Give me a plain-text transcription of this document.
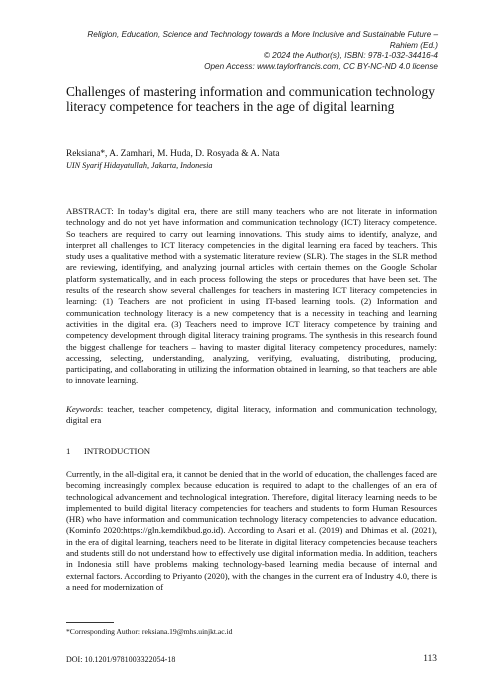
Religion, Education, Science and Technology towards a More Inclusive and Sustainable Future –
Rahiem (Ed.)
© 2024 the Author(s), ISBN: 978-1-032-34416-4
Open Access: www.taylorfrancis.com, CC BY-NC-ND 4.0 license
Challenges of mastering information and communication technology literacy competence for teachers in the age of digital learning
Reksiana*, A. Zamhari, M. Huda, D. Rosyada & A. Nata
UIN Syarif Hidayatullah, Jakarta, Indonesia

ABSTRACT: In today’s digital era, there are still many teachers who are not literate in information technology and do not yet have information and communication technology (ICT) literacy competence. So teachers are required to carry out learning innovations. This study aims to identify, analyze, and interpret all challenges to ICT literacy competencies in the digital learning era faced by teachers. This study uses a qualitative method with a systematic literature review (SLR). The stages in the SLR method are reviewing, identifying, and analyzing journal articles with certain themes on the Google Scholar platform systematically, and in each process following the steps or procedures that have been set. The results of the research show several challenges for teachers in mastering ICT literacy competencies in learning: (1) Teachers are not proficient in using IT-based learning tools. (2) Information and communication technology literacy is a new competency that is a necessity in teaching and learning activities in the digital era. (3) Teachers need to improve ICT literacy competence by training and competency development through digital literacy training programs. The synthesis in this research found the biggest challenge for teachers – having to master digital literacy competency procedures, namely: accessing, selecting, understanding, analyzing, verifying, evaluating, distributing, producing, participating, and collaborating in utilizing the information obtained in learning, so that teachers are able to innovate learning.

Keywords: teacher, teacher competency, digital literacy, information and communication technology, digital era

1 INTRODUCTION

Currently, in the all-digital era, it cannot be denied that in the world of education, the challenges faced are becoming increasingly complex because education is required to adapt to the challenges of an era of technological advancement and technological integration. Therefore, digital literacy learning needs to be implemented to build digital literacy competencies for teachers and students to form Human Resources (HR) who have information and communication technology literacy competencies to advance education. (Kominfo 2020:https://gln.kemdikbud.go.id). According to Asari et al. (2019) and Dhimas et al. (2021), in the era of digital learning, teachers need to be literate in digital literacy competencies because teachers and students still do not understand how to effectively use digital information media. In addition, teachers in Indonesia still have problems making technology-based learning media because of internal and external factors. According to Priyanto (2020), with the changes in the current era of Industry 4.0, there is a need for modernization of

*Corresponding Author: reksiana.19@mhs.uinjkt.ac.id
DOI: 10.1201/9781003322054-18	113
